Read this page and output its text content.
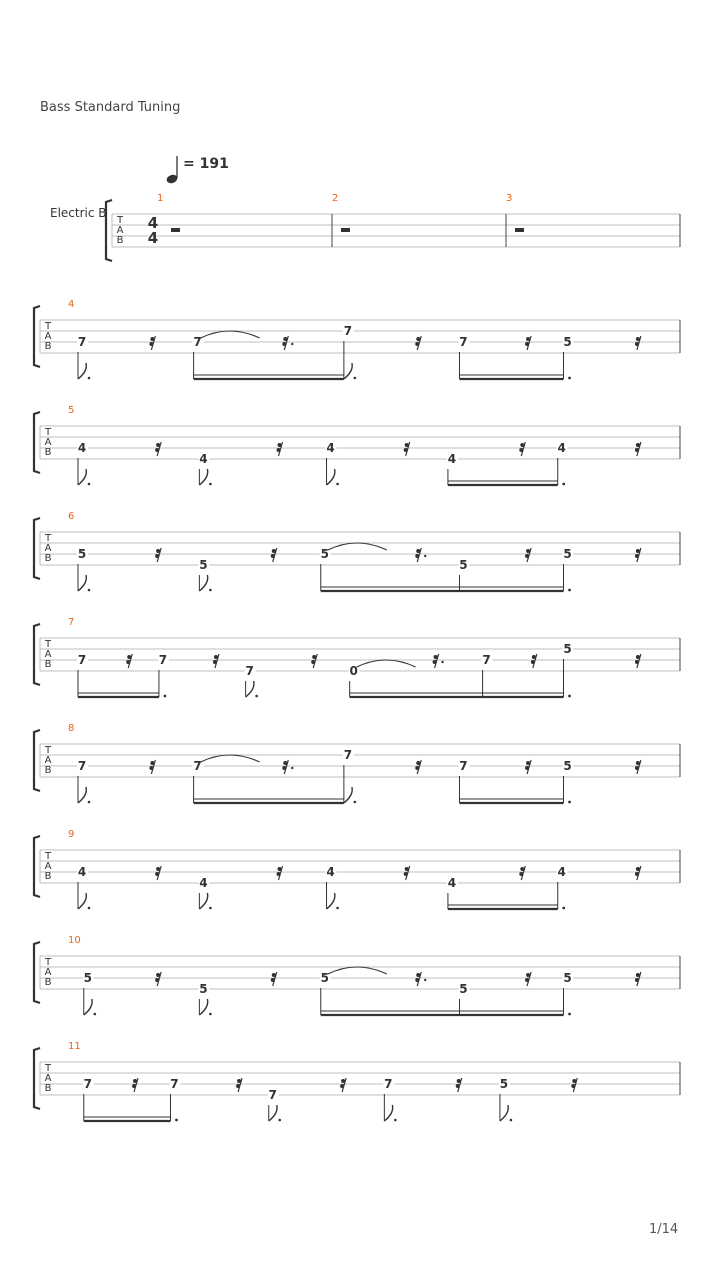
Bass Standard Tuning
= 191
Electric B
T
A
B
4
4
1	2	3
T
A
B
4
7	7
7
7	5
T
A
B
5
4
4
4
4
4
T
A
B
6
5
5
5
5
5
T
A
B
7
7	7
7	0
7
5
T
A
B
8
7	7
7
7	5
T
A
B
9
4
4
4
4
4
T
A
B
10
5
5
5
5
5
T
A
B
11
7	7
7
7	5
1/14
